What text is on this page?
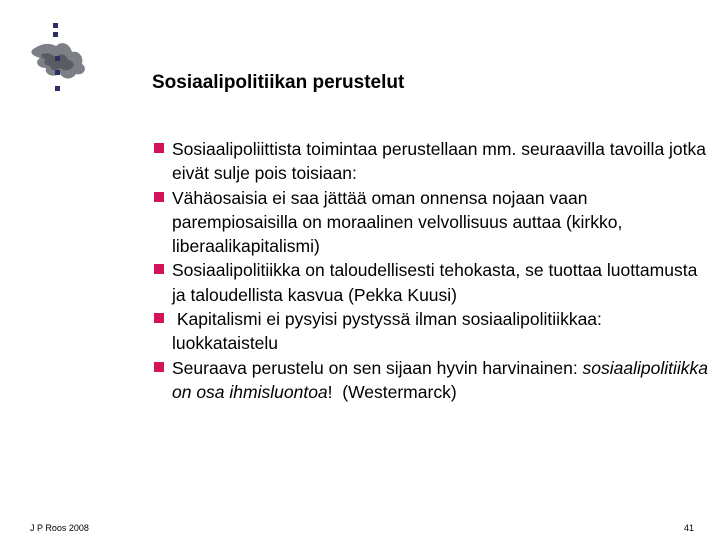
Sosiaalipolitiikan perustelut
Sosiaalipoliittista toimintaa perustellaan mm. seuraavilla tavoilla jotka eivät sulje pois toisiaan:
Vähäosaisia ei saa jättää oman onnensa nojaan vaan parempiosaisilla on moraalinen velvollisuus auttaa (kirkko, liberaalikapitalismi)
Sosiaalipolitiikka on taloudellisesti tehokasta, se tuottaa luottamusta ja taloudellista kasvua (Pekka Kuusi)
Kapitalismi ei pysyisi pystyssä ilman sosiaalipolitiikkaa: luokkataistelu
Seuraava perustelu on sen sijaan hyvin harvinainen: sosiaalipolitiikka on osa ihmisluontoa!  (Westermarck)
J P Roos 2008	41
